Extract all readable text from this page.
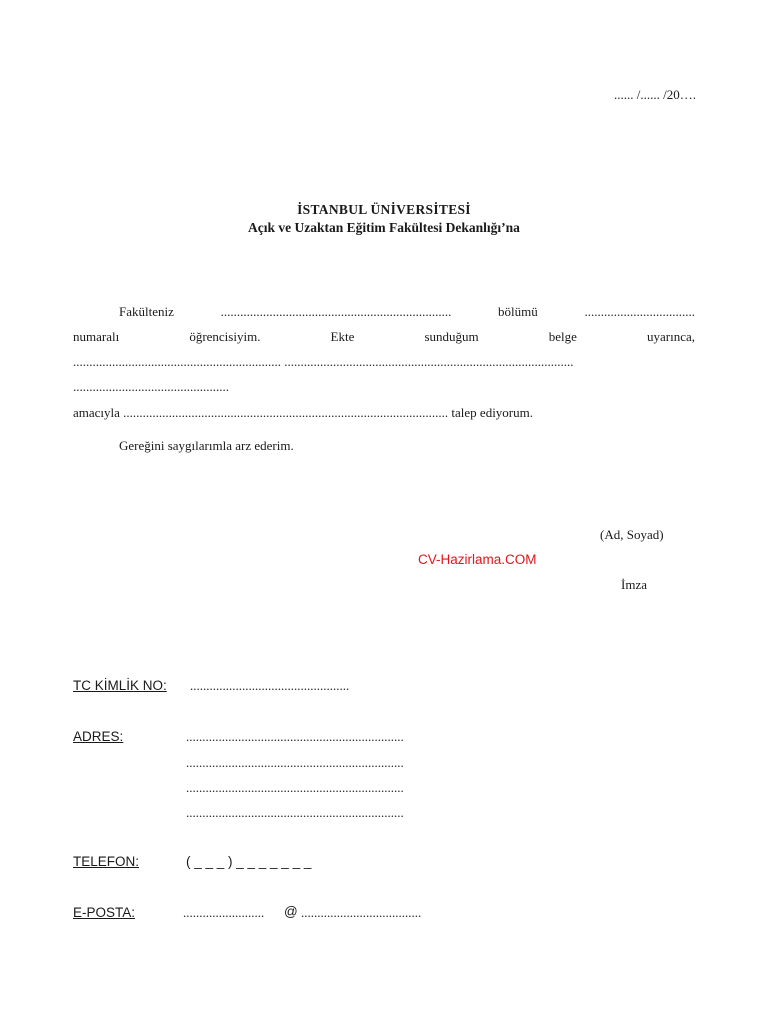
...... /...... /20….
İSTANBUL ÜNİVERSİTESİ
Açık ve Uzaktan Eğitim Fakültesi Dekanlığı’na
Fakülteniz	.......................................................................	bölümü	..................................
numaralı	öğrencisiyim.	Ekte	sunduğum	belge	uyarınca,
................................................................ .........................................................................................
................................................
amacıyla .................................................................................................... talep ediyorum.
Gereğini saygılarımla arz ederim.
(Ad, Soyad)
CV-Hazirlama.COM
İmza
TC KİMLİK NO: .................................................
ADRES:	...................................................................
...................................................................
...................................................................
...................................................................
TELEFON:	( _ _ _ ) _ _ _ _ _ _ _
E-POSTA:	......................... @ .....................................
